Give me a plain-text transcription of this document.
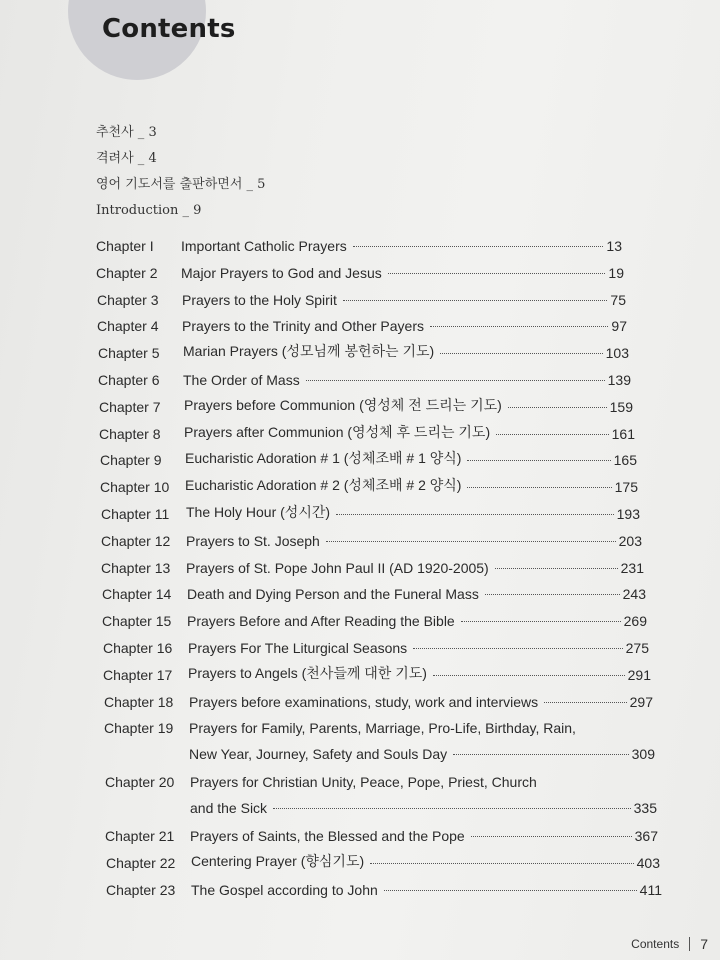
Contents
추천사 _ 3
격려사 _ 4
영어 기도서를 출판하면서 _ 5
Introduction _ 9
Chapter I	Important Catholic Prayers	13
Chapter 2	Major Prayers to God and Jesus	19
Chapter 3	Prayers to the Holy Spirit	75
Chapter 4	Prayers to the Trinity and Other Payers	97
Chapter 5	Marian Prayers (성모님께 봉헌하는 기도)	103
Chapter 6	The Order of Mass	139
Chapter 7	Prayers before Communion (영성체 전 드리는 기도)	159
Chapter 8	Prayers after Communion (영성체 후 드리는 기도)	161
Chapter 9	Eucharistic Adoration # 1 (성체조배 # 1 양식)	165
Chapter 10	Eucharistic Adoration # 2 (성체조배 # 2 양식)	175
Chapter 11	The Holy Hour (성시간)	193
Chapter 12	Prayers to St. Joseph	203
Chapter 13	Prayers of St. Pope John Paul II (AD 1920-2005)	231
Chapter 14	Death and Dying Person and the Funeral Mass	243
Chapter 15	Prayers Before and After Reading the Bible	269
Chapter 16	Prayers For The Liturgical Seasons	275
Chapter 17	Prayers to Angels (천사들께 대한 기도)	291
Chapter 18	Prayers before examinations, study, work and interviews	297
Chapter 19	Prayers for Family, Parents, Marriage, Pro-Life, Birthday, Rain,
New Year, Journey, Safety and Souls Day	309
Chapter 20	Prayers for Christian Unity, Peace, Pope, Priest, Church
and the Sick	335
Chapter 21	Prayers of Saints, the Blessed and the Pope	367
Chapter 22	Centering Prayer (향심기도)	403
Chapter 23	The Gospel according to John	411
Contents 7
